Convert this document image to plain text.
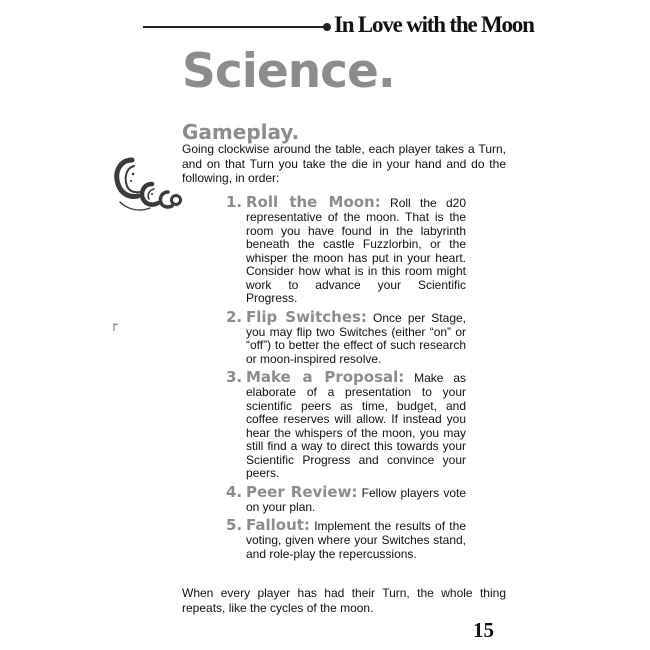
In Love with the Moon
Science.
Gameplay.

Going clockwise around the table, each player takes a Turn, and on that Turn you take the die in your hand and do the following, in order:

1. Roll the Moon: Roll the d20 representative of the moon. That is the room you have found in the labyrinth beneath the castle Fuzzlorbin, or the whisper the moon has put in your heart. Consider how what is in this room might work to advance your Scientific Progress.
2. Flip Switches: Once per Stage, you may flip two Switches (either “on” or “off”) to better the effect of such research or moon-inspired resolve.
3. Make a Proposal: Make as elaborate of a presentation to your scientific peers as time, budget, and coffee reserves will allow. If instead you hear the whispers of the moon, you may still find a way to direct this towards your Scientific Progress and convince your peers.
4. Peer Review: Fellow players vote on your plan.
5. Fallout: Implement the results of the voting, given where your Switches stand, and role-play the repercussions.

When every player has had their Turn, the whole thing repeats, like the cycles of the moon.

15
